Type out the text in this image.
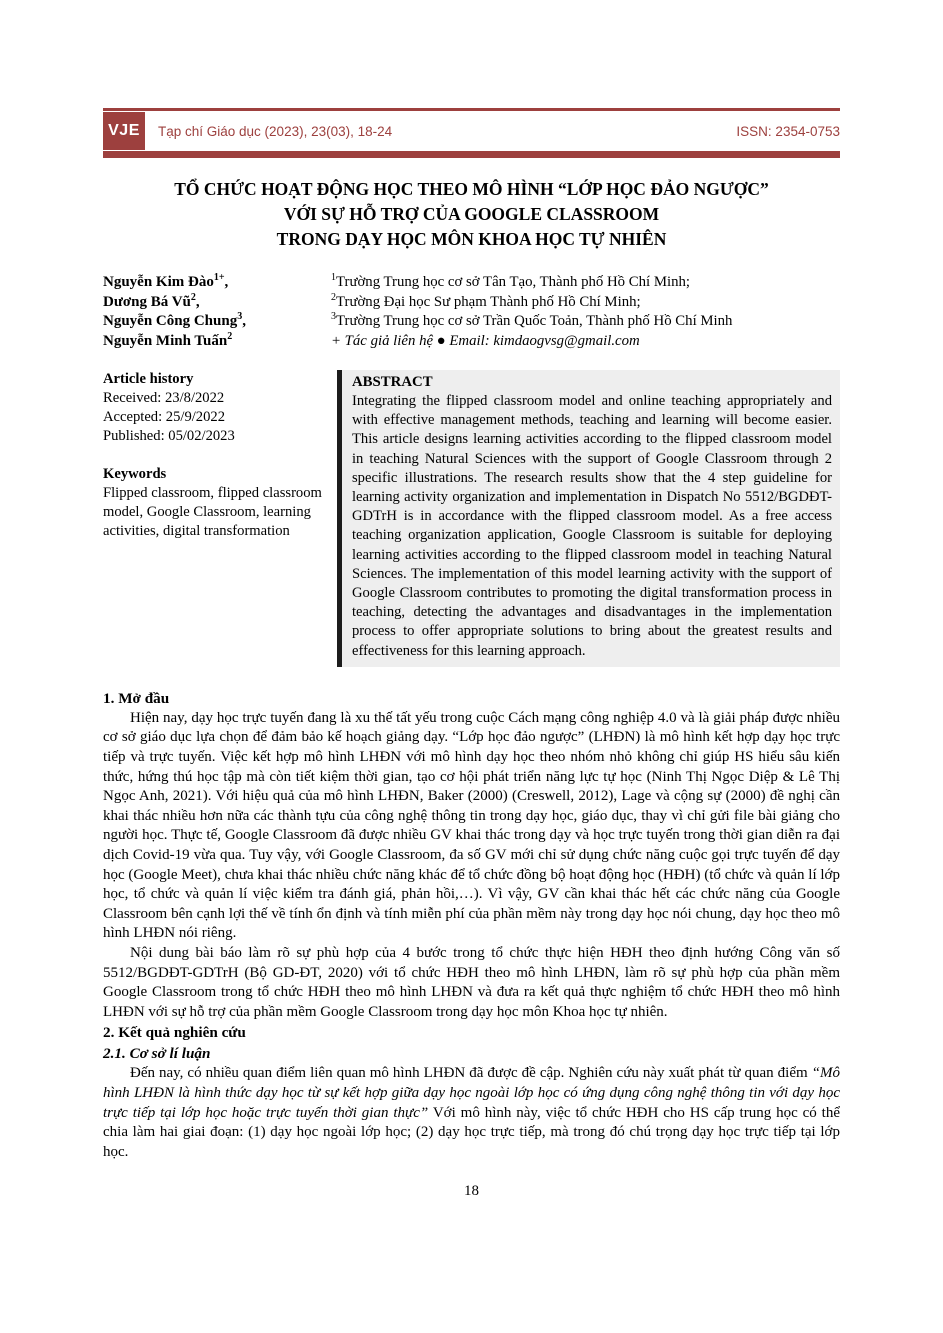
VJE	Tạp chí Giáo dục (2023), 23(03), 18-24	ISSN: 2354-0753
TỔ CHỨC HOẠT ĐỘNG HỌC THEO MÔ HÌNH “LỚP HỌC ĐẢO NGƯỢC”
VỚI SỰ HỖ TRỢ CỦA GOOGLE CLASSROOM
TRONG DẠY HỌC MÔN KHOA HỌC TỰ NHIÊN
Nguyễn Kim Đào$^{1+}$,
Dương Bá $Vũ^2$,
Nguyễn Công Chung$^3$,
Nguyễn Minh Tuấn$^2$
$^1$Trường Trung học cơ sở Tân Tạo, Thành phố Hồ Chí Minh;
$^2$Trường Đại học Sư phạm Thành phố Hồ Chí Minh;
$^3$Trường Trung học cơ sở Trần Quốc Toản, Thành phố Hồ Chí Minh
+ Tác giả liên hệ ● Email: kimdaogvsg@gmail.com
Article history
Received: 23/8/2022
Accepted: 25/9/2022
Published: 05/02/2023
Keywords
Flipped classroom, flipped classroom model, Google Classroom, learning activities, digital transformation
ABSTRACT
Integrating the flipped classroom model and online teaching appropriately and with effective management methods, teaching and learning will become easier. This article designs learning activities according to the flipped classroom model in teaching Natural Sciences with the support of Google Classroom through 2 specific illustrations. The research results show that the 4 step guideline for learning activity organization and implementation in Dispatch No 5512/BGDĐT-GDTrH is in accordance with the flipped classroom model. As a free access teaching organization application, Google Classroom is suitable for deploying learning activities according to the flipped classroom model in teaching Natural Sciences. The implementation of this model learning activity with the support of Google Classroom contributes to promoting the digital transformation process in teaching, detecting the advantages and disadvantages in the implementation process to offer appropriate solutions to bring about the greatest results and effectiveness for this learning approach.
1. Mở đầu

Hiện nay, dạy học trực tuyến đang là xu thế tất yếu trong cuộc Cách mạng công nghiệp 4.0 và là giải pháp được nhiều cơ sở giáo dục lựa chọn để đảm bảo kế hoạch giảng dạy. “Lớp học đảo ngược” (LHĐN) là mô hình kết hợp dạy học trực tiếp và trực tuyến. Việc kết hợp mô hình LHĐN với mô hình dạy học theo nhóm nhỏ không chỉ giúp HS hiểu sâu kiến thức, hứng thú học tập mà còn tiết kiệm thời gian, tạo cơ hội phát triển năng lực tự học (Ninh Thị Ngọc Diệp & Lê Thị Ngọc Anh, 2021). Với hiệu quả của mô hình LHĐN, Baker (2000) (Creswell, 2012), Lage và cộng sự (2000) đề nghị cần khai thác nhiều hơn nữa các thành tựu của công nghệ thông tin trong dạy học, giáo dục, thay vì chỉ gửi file bài giảng cho người học. Thực tế, Google Classroom đã được nhiều GV khai thác trong dạy và học trực tuyến trong thời gian diễn ra đại dịch Covid-19 vừa qua. Tuy vậy, với Google Classroom, đa số GV mới chỉ sử dụng chức năng cuộc gọi trực tuyến để dạy học (Google Meet), chưa khai thác nhiều chức năng khác để tổ chức đồng bộ hoạt động học (HĐH) (tổ chức và quản lí lớp học, tổ chức và quản lí việc kiểm tra đánh giá, phản hồi,…). Vì vậy, GV cần khai thác hết các chức năng của Google Classroom bên cạnh lợi thế về tính ổn định và tính miễn phí của phần mềm này trong dạy học nói chung, dạy học theo mô hình LHĐN nói riêng.

Nội dung bài báo làm rõ sự phù hợp của 4 bước trong tổ chức thực hiện HĐH theo định hướng Công văn số 5512/BGDĐT-GDTrH (Bộ GD-ĐT, 2020) với tổ chức HĐH theo mô hình LHĐN, làm rõ sự phù hợp của phần mềm Google Classroom trong tổ chức HĐH theo mô hình LHĐN và đưa ra kết quả thực nghiệm tổ chức HĐH theo mô hình LHĐN với sự hỗ trợ của phần mềm Google Classroom trong dạy học môn Khoa học tự nhiên.

2. Kết quả nghiên cứu
2.1. Cơ sở lí luận

Đến nay, có nhiều quan điểm liên quan mô hình LHĐN đã được đề cập. Nghiên cứu này xuất phát từ quan điểm “Mô hình LHĐN là hình thức dạy học từ sự kết hợp giữa dạy học ngoài lớp học có ứng dụng công nghệ thông tin với dạy học trực tiếp tại lớp học hoặc trực tuyến thời gian thực” Với mô hình này, việc tổ chức HĐH cho HS cấp trung học có thể chia làm hai giai đoạn: (1) dạy học ngoài lớp học; (2) dạy học trực tiếp, mà trong đó chú trọng dạy học trực tiếp tại lớp học.

18
